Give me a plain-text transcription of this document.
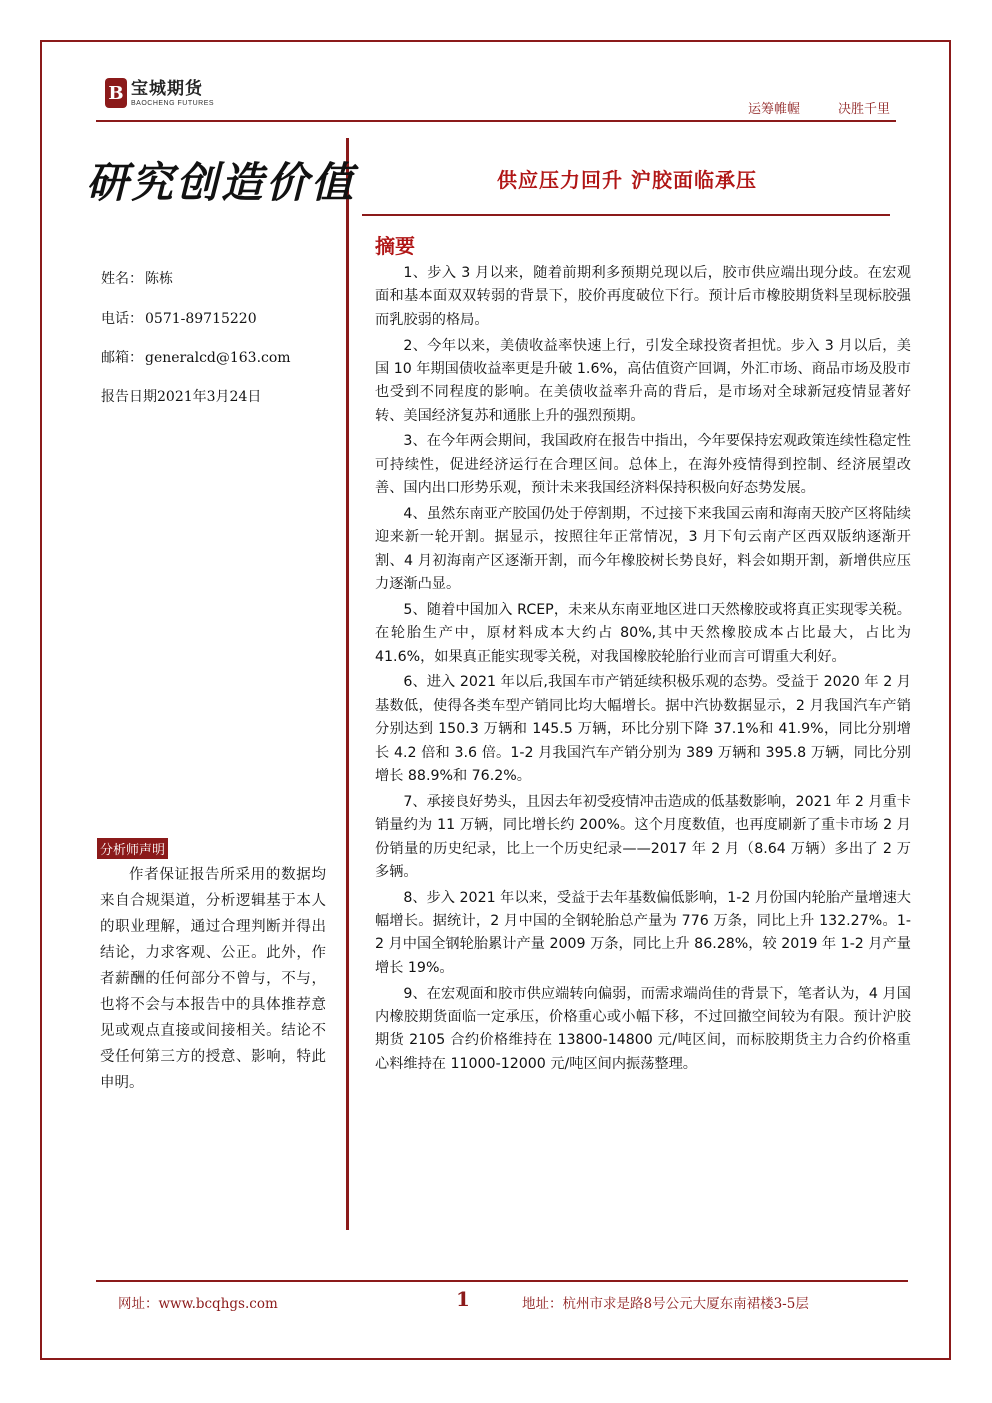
B 宝城期货
BAOCHENG FUTURES	运筹帷幄	决胜千里
研究创造价值
姓名： 陈栋
电话： 0571-89715220
邮箱： generalcd@163.com
报告日期2021年3月24日
分析师声明
作者保证报告所采用的数据均来自合规渠道，分析逻辑基于本人的职业理解，通过合理判断并得出结论，力求客观、公正。此外，作者薪酬的任何部分不曾与，不与，也将不会与本报告中的具体推荐意见或观点直接或间接相关。结论不受任何第三方的授意、影响，特此申明。
供应压力回升 沪胶面临承压
摘要

1、步入 3 月以来，随着前期利多预期兑现以后，胶市供应端出现分歧。在宏观面和基本面双双转弱的背景下，胶价再度破位下行。预计后市橡胶期货料呈现标胶强而乳胶弱的格局。

2、今年以来，美债收益率快速上行，引发全球投资者担忧。步入 3 月以后，美国 10 年期国债收益率更是升破 1.6%，高估值资产回调，外汇市场、商品市场及股市也受到不同程度的影响。在美债收益率升高的背后，是市场对全球新冠疫情显著好转、美国经济复苏和通胀上升的强烈预期。

3、在今年两会期间，我国政府在报告中指出，今年要保持宏观政策连续性稳定性可持续性，促进经济运行在合理区间。总体上，在海外疫情得到控制、经济展望改善、国内出口形势乐观，预计未来我国经济料保持积极向好态势发展。

4、虽然东南亚产胶国仍处于停割期，不过接下来我国云南和海南天胶产区将陆续迎来新一轮开割。据显示，按照往年正常情况，3 月下旬云南产区西双版纳逐渐开割、4 月初海南产区逐渐开割，而今年橡胶树长势良好，料会如期开割，新增供应压力逐渐凸显。

5、随着中国加入 RCEP，未来从东南亚地区进口天然橡胶或将真正实现零关税。在轮胎生产中，原材料成本大约占 80%,其中天然橡胶成本占比最大，占比为 41.6%，如果真正能实现零关税，对我国橡胶轮胎行业而言可谓重大利好。

6、进入 2021 年以后,我国车市产销延续积极乐观的态势。受益于 2020 年 2 月基数低，使得各类车型产销同比均大幅增长。据中汽协数据显示，2 月我国汽车产销分别达到 150.3 万辆和 145.5 万辆，环比分别下降 37.1%和 41.9%，同比分别增长 4.2 倍和 3.6 倍。1-2 月我国汽车产销分别为 389 万辆和 395.8 万辆，同比分别增长 88.9%和 76.2%。

7、承接良好势头，且因去年初受疫情冲击造成的低基数影响，2021 年 2 月重卡销量约为 11 万辆，同比增长约 200%。这个月度数值，也再度刷新了重卡市场 2 月份销量的历史纪录，比上一个历史纪录——2017 年 2 月（8.64 万辆）多出了 2 万多辆。

8、步入 2021 年以来，受益于去年基数偏低影响，1-2 月份国内轮胎产量增速大幅增长。据统计，2 月中国的全钢轮胎总产量为 776 万条，同比上升 132.27%。1-2 月中国全钢轮胎累计产量 2009 万条，同比上升 86.28%，较 2019 年 1-2 月产量增长 19%。

9、在宏观面和胶市供应端转向偏弱，而需求端尚佳的背景下，笔者认为，4 月国内橡胶期货面临一定承压，价格重心或小幅下移，不过回撤空间较为有限。预计沪胶期货 2105 合约价格维持在 13800-14800 元/吨区间，而标胶期货主力合约价格重心料维持在 11000-12000 元/吨区间内振荡整理。

网址：www.bcqhgs.com	1	地址：杭州市求是路8号公元大厦东南裙楼3-5层
